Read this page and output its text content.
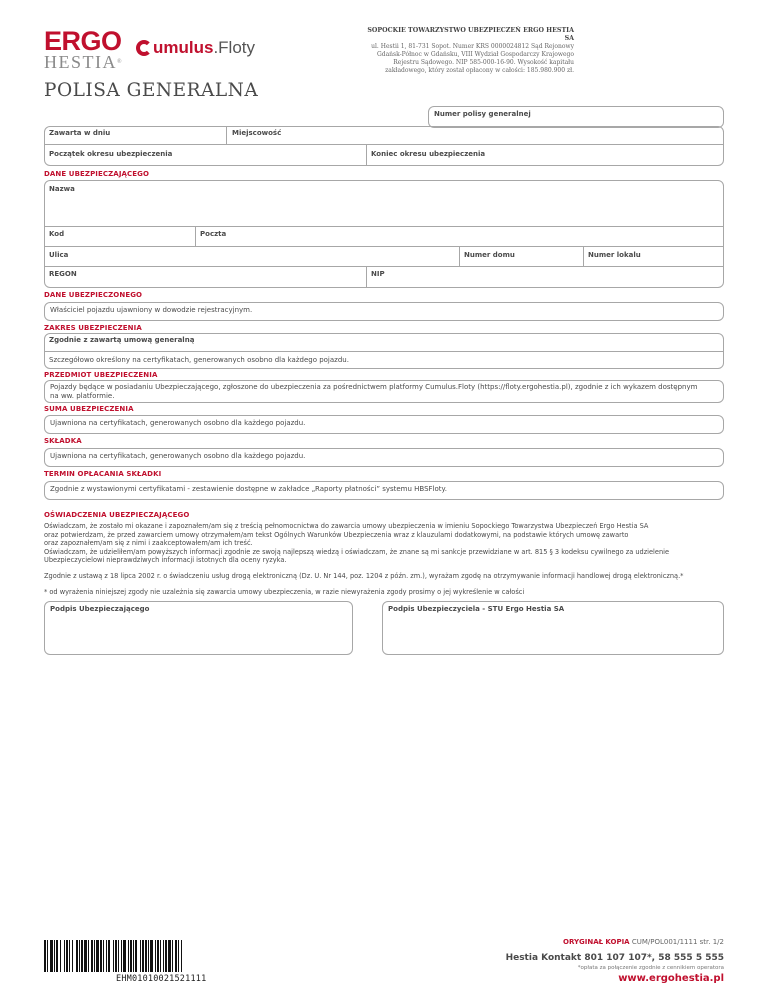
ERGO
HESTIA®
umulus .Floty
SOPOCKIE TOWARZYSTWO UBEZPIECZEŃ ERGO HESTIA SA
ul. Hestii 1, 81-731 Sopot. Numer KRS 0000024812 Sąd Rejonowy
Gdańsk-Północ w Gdańsku, VIII Wydział Gospodarczy Krajowego
Rejestru Sądowego. NIP 585-000-16-90. Wysokość kapitału
zakładowego, który został opłacony w całości: 185.980.900 zł.
POLISA GENERALNA
Numer polisy generalnej
Zawarta w dniu	Miejscowość
Początek okresu ubezpieczenia	Koniec okresu ubezpieczenia
DANE UBEZPIECZAJĄCEGO
Nazwa
Kod	Poczta
Ulica	Numer domu	Numer lokalu
REGON	NIP
DANE UBEZPIECZONEGO
Właściciel pojazdu ujawniony w dowodzie rejestracyjnym.
ZAKRES UBEZPIECZENIA
Zgodnie z zawartą umową generalną
Szczegółowo określony na certyfikatach, generowanych osobno dla każdego pojazdu.
PRZEDMIOT UBEZPIECZENIA
Pojazdy będące w posiadaniu Ubezpieczającego, zgłoszone do ubezpieczenia za pośrednictwem platformy Cumulus.Floty (https://floty.ergohestia.pl), zgodnie z ich wykazem dostępnym
na ww. platformie.
SUMA UBEZPIECZENIA
Ujawniona na certyfikatach, generowanych osobno dla każdego pojazdu.
SKŁADKA
Ujawniona na certyfikatach, generowanych osobno dla każdego pojazdu.
TERMIN OPŁACANIA SKŁADKI
Zgodnie z wystawionymi certyfikatami - zestawienie dostępne w zakładce „Raporty płatności” systemu HBSFloty.
OŚWIADCZENIA UBEZPIECZAJĄCEGO
Oświadczam, że zostało mi okazane i zapoznałem/am się z treścią pełnomocnictwa do zawarcia umowy ubezpieczenia w imieniu Sopockiego Towarzystwa Ubezpieczeń Ergo Hestia SA
oraz potwierdzam, że przed zawarciem umowy otrzymałem/am tekst Ogólnych Warunków Ubezpieczenia wraz z klauzulami dodatkowymi, na podstawie których umowę zawarto
oraz zapoznałem/am się z nimi i zaakceptowałem/am ich treść.
Oświadczam, że udzieliłem/am powyższych informacji zgodnie ze swoją najlepszą wiedzą i oświadczam, że znane są mi sankcje przewidziane w art. 815 § 3 kodeksu cywilnego za udzielenie
Ubezpieczycielowi nieprawdziwych informacji istotnych dla oceny ryzyka.
Zgodnie z ustawą z 18 lipca 2002 r. o świadczeniu usług drogą elektroniczną (Dz. U. Nr 144, poz. 1204 z późn. zm.), wyrażam zgodę na otrzymywanie informacji handlowej drogą elektroniczną.*
* od wyrażenia niniejszej zgody nie uzależnia się zawarcia umowy ubezpieczenia, w razie niewyrażenia zgody prosimy o jej wykreślenie w całości
Podpis Ubezpieczającego	Podpis Ubezpieczyciela - STU Ergo Hestia SA
EHM01010021521111
ORYGINAŁ KOPIA CUM/POL001/1111 str. 1/2
Hestia Kontakt 801 107 107*, 58 555 5 555
*opłata za połączenie zgodnie z cennikiem operatora
www.ergohestia.pl
